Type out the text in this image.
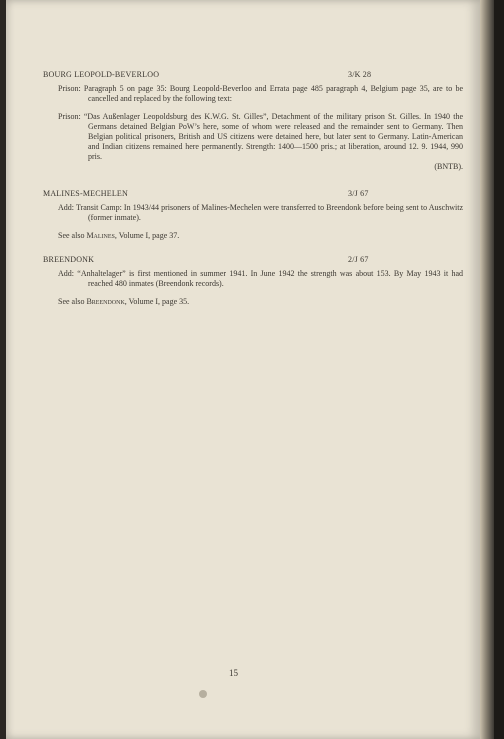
BOURG LEOPOLD-BEVERLOO	3/K 28
Prison: Paragraph 5 on page 35: Bourg Leopold-Beverloo and Errata page 485 paragraph 4, Belgium page 35, are to be cancelled and replaced by the following text:
Prison: “Das Außenlager Leopoldsburg des K.W.G. St. Gilles”, Detachment of the military prison St. Gilles. In 1940 the Germans detained Belgian PoW’s here, some of whom were released and the remainder sent to Germany. Then Belgian political prisoners, British and US citizens were detained here, but later sent to Germany. Latin-American and Indian citizens remained here permanently. Strength: 1400—1500 pris.; at liberation, around 12. 9. 1944, 990 pris.
(BNTB).
MALINES-MECHELEN	3/J 67
Add: Transit Camp: In 1943/44 prisoners of Malines-Mechelen were transferred to Breendonk before being sent to Auschwitz (former inmate).
See also Malines, Volume I, page 37.
BREENDONK	2/J 67
Add: “Anhaltelager” is first mentioned in summer 1941. In June 1942 the strength was about 153. By May 1943 it had reached 480 inmates (Breendonk records).
See also Breendonk, Volume I, page 35.
15
